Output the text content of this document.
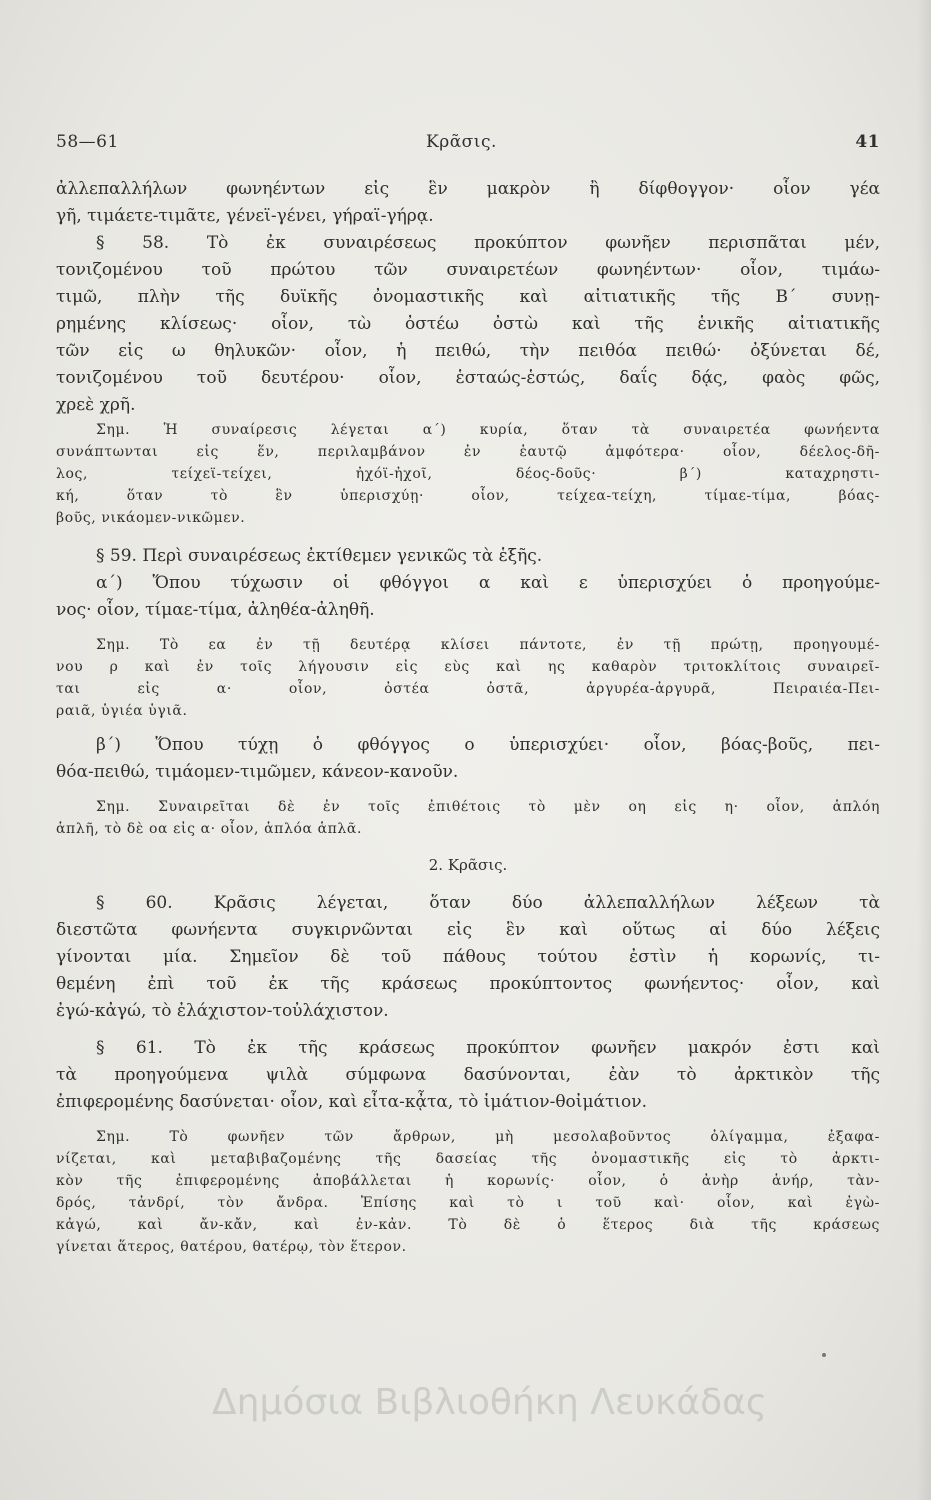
58—61	Κρᾶσις.	41
ἀλλεπαλλήλων φωνηέντων εἰς ἓν μακρὸν ἢ δίφθογγον· οἷον γέα
γῆ, τιμάετε-τιμᾶτε, γένεϊ-γένει, γήραϊ-γήρᾳ.
§ 58. Τὸ ἐκ συναιρέσεως προκύπτον φωνῆεν περισπᾶται μέν,
τονιζομένου τοῦ πρώτου τῶν συναιρετέων φωνηέντων· οἷον, τιμάω-
τιμῶ, πλὴν τῆς δυϊκῆς ὀνομαστικῆς καὶ αἰτιατικῆς τῆς Β΄ συνῃ-
ρημένης κλίσεως· οἷον, τὼ ὀστέω ὀστὼ καὶ τῆς ἑνικῆς αἰτιατικῆς
τῶν εἰς ω θηλυκῶν· οἷον, ἡ πειθώ, τὴν πειθόα πειθώ· ὀξύνεται δέ,
τονιζομένου τοῦ δευτέρου· οἷον, ἑσταώς-ἑστώς, δαΐς δᾴς, φαὸς φῶς,
χρεὲ χρῆ.
Σημ. Ἡ συναίρεσις λέγεται α΄) κυρία, ὅταν τὰ συναιρετέα φωνήεντα
συνάπτωνται εἰς ἕν, περιλαμβάνον ἐν ἑαυτῷ ἀμφότερα· οἷον, δέελος-δῆ-
λος, τείχεϊ-τείχει, ἠχόϊ-ἠχοῖ, δέος-δοῦς· β΄) καταχρηστι-
κή, ὅταν τὸ ἓν ὑπερισχύῃ· οἷον, τείχεα-τείχη, τίμαε-τίμα, βόας-
βοῦς, νικάομεν-νικῶμεν.
§ 59. Περὶ συναιρέσεως ἐκτίθεμεν γενικῶς τὰ ἑξῆς.
α΄) Ὅπου τύχωσιν οἱ φθόγγοι α καὶ ε ὑπερισχύει ὁ προηγούμε-
νος· οἷον, τίμαε-τίμα, ἀληθέα-ἀληθῆ.
Σημ. Τὸ εα ἐν τῇ δευτέρᾳ κλίσει πάντοτε, ἐν τῇ πρώτῃ, προηγουμέ-
νου ρ καὶ ἐν τοῖς λήγουσιν εἰς εὺς καὶ ης καθαρὸν τριτοκλίτοις συναιρεῖ-
ται εἰς α· οἷον, ὀστέα ὀστᾶ, ἀργυρέα-ἀργυρᾶ, Πειραιέα-Πει-
ραιᾶ, ὑγιέα ὑγιᾶ.
β΄) Ὅπου τύχῃ ὁ φθόγγος ο ὑπερισχύει· οἷον, βόας-βοῦς, πει-
θόα-πειθώ, τιμάομεν-τιμῶμεν, κάνεον-κανοῦν.
Σημ. Συναιρεῖται δὲ ἐν τοῖς ἐπιθέτοις τὸ μὲν οη εἰς η· οἷον, ἁπλόη
ἁπλῆ, τὸ δὲ οα εἰς α· οἷον, ἁπλόα ἁπλᾶ.
2. Κρᾶσις.
§ 60. Κρᾶσις λέγεται, ὅταν δύο ἀλλεπαλλήλων λέξεων τὰ
διεστῶτα φωνήεντα συγκιρνῶνται εἰς ἓν καὶ οὕτως αἱ δύο λέξεις
γίνονται μία. Σημεῖον δὲ τοῦ πάθους τούτου ἐστὶν ἡ κορωνίς, τι-
θεμένη ἐπὶ τοῦ ἐκ τῆς κράσεως προκύπτοντος φωνήεντος· οἷον, καὶ
ἐγώ-κἀγώ, τὸ ἐλάχιστον-τοὐλάχιστον.
§ 61. Τὸ ἐκ τῆς κράσεως προκύπτον φωνῆεν μακρόν ἐστι καὶ
τὰ προηγούμενα ψιλὰ σύμφωνα δασύνονται, ἐὰν τὸ ἀρκτικὸν τῆς
ἐπιφερομένης δασύνεται· οἷον, καὶ εἶτα-κᾆτα, τὸ ἱμάτιον-θοἰμάτιον.
Σημ. Τὸ φωνῆεν τῶν ἄρθρων, μὴ μεσολαβοῦντος ὀλίγαμμα, ἐξαφα-
νίζεται, καὶ μεταβιβαζομένης τῆς δασείας τῆς ὀνομαστικῆς εἰς τὸ ἀρκτι-
κὸν τῆς ἐπιφερομένης ἀποβάλλεται ἡ κορωνίς· οἷον, ὁ ἀνὴρ ἁνήρ, τὰν-
δρός, τἀνδρί, τὸν ἄνδρα. Ἐπίσης καὶ τὸ ι τοῦ καὶ· οἷον, καὶ ἐγὼ-
κἀγώ, καὶ ἄν-κἄν, καὶ ἐν-κἀν. Τὸ δὲ ὁ ἕτερος διὰ τῆς κράσεως
γίνεται ἅτερος, θατέρου, θατέρῳ, τὸν ἕτερον.
Δημόσια Βιβλιοθήκη Λευκάδας
